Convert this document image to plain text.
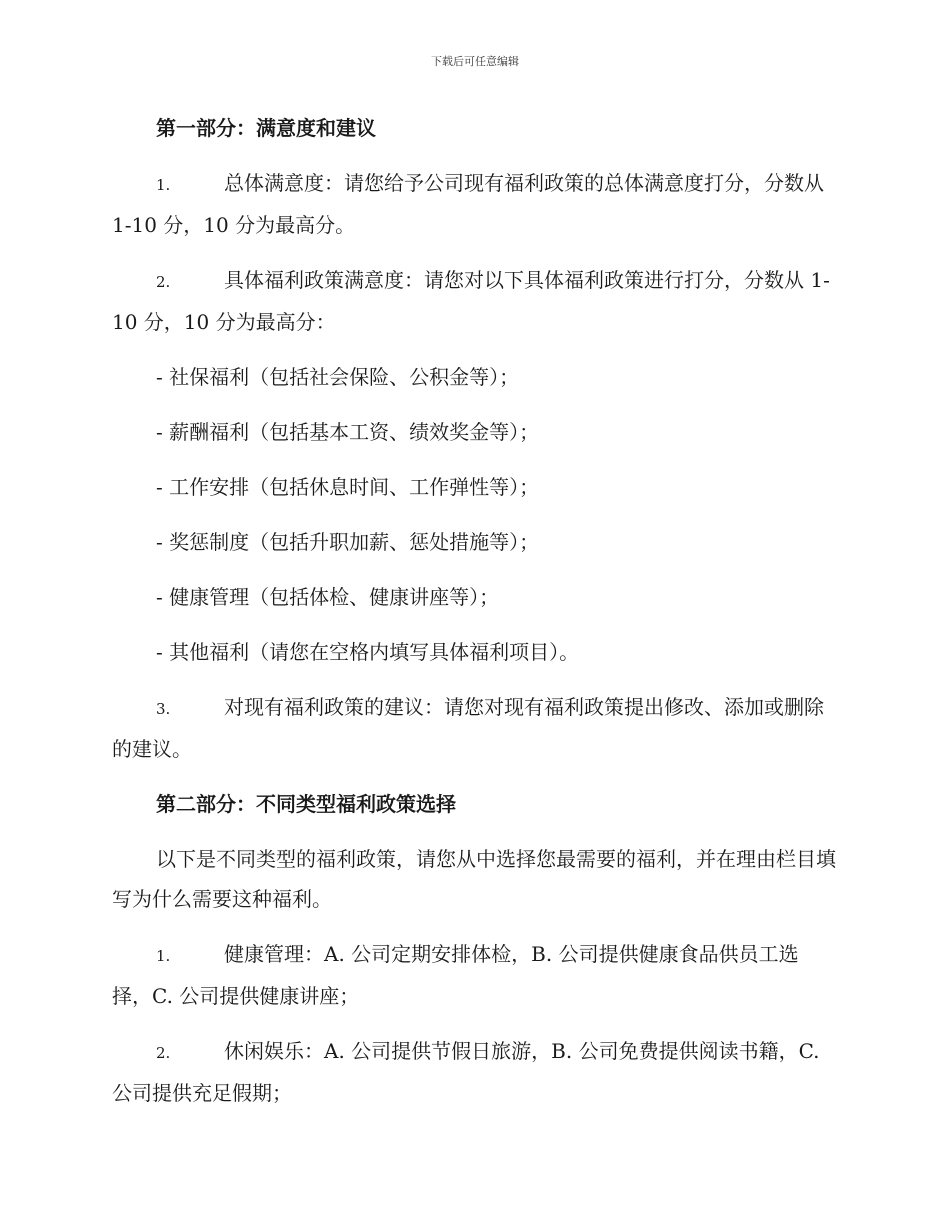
下载后可任意编辑
第一部分：满意度和建议
1.	总体满意度：请您给予公司现有福利政策的总体满意度打分，分数从 1-10 分，10 分为最高分。
2.	具体福利政策满意度：请您对以下具体福利政策进行打分，分数从 1-10 分，10 分为最高分：
- 社保福利（包括社会保险、公积金等）；
- 薪酬福利（包括基本工资、绩效奖金等）；
- 工作安排（包括休息时间、工作弹性等）；
- 奖惩制度（包括升职加薪、惩处措施等）；
- 健康管理（包括体检、健康讲座等）；
- 其他福利（请您在空格内填写具体福利项目）。
3.	对现有福利政策的建议：请您对现有福利政策提出修改、添加或删除的建议。
第二部分：不同类型福利政策选择
以下是不同类型的福利政策，请您从中选择您最需要的福利，并在理由栏目填写为什么需要这种福利。
1.	健康管理：A. 公司定期安排体检，B. 公司提供健康食品供员工选择，C. 公司提供健康讲座；
2.	休闲娱乐：A. 公司提供节假日旅游，B. 公司免费提供阅读书籍，C. 公司提供充足假期；
